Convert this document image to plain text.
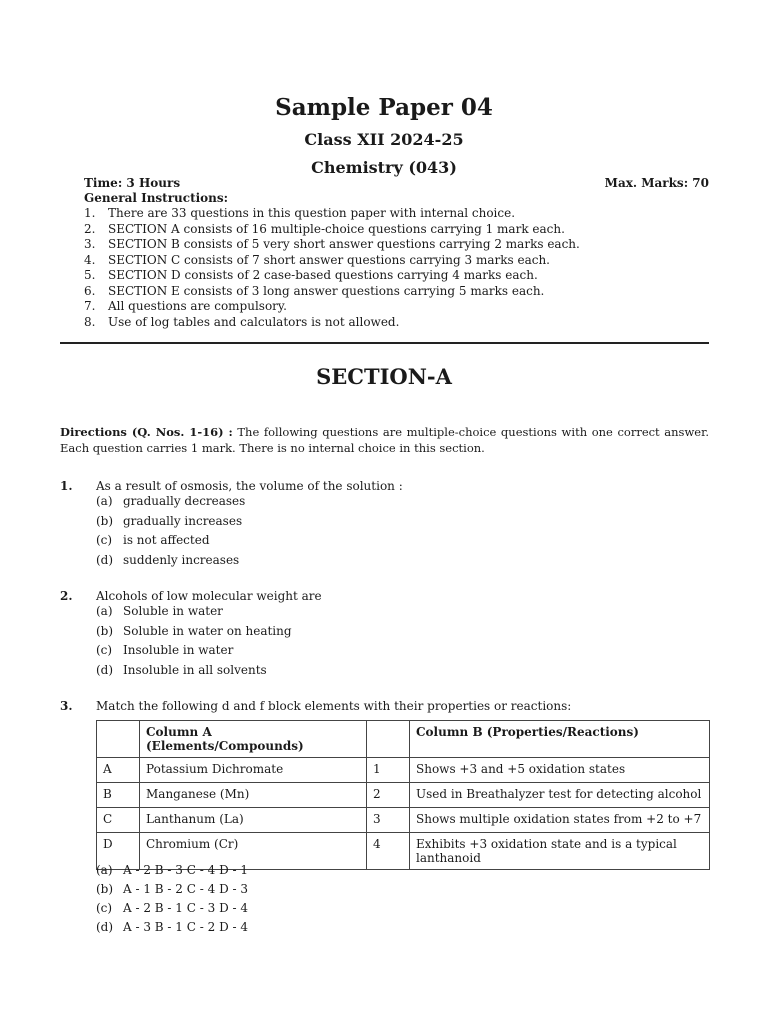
Sample Paper 04
Class XII 2024-25
Chemistry (043)
Time: 3 Hours	Max. Marks: 70
General Instructions:
1.	There are 33 questions in this question paper with internal choice.
2.	SECTION A consists of 16 multiple-choice questions carrying 1 mark each.
3.	SECTION B consists of 5 very short answer questions carrying 2 marks each.
4.	SECTION C consists of 7 short answer questions carrying 3 marks each.
5.	SECTION D consists of 2 case-based questions carrying 4 marks each.
6.	SECTION E consists of 3 long answer questions carrying 5 marks each.
7.	All questions are compulsory.
8.	Use of log tables and calculators is not allowed.
SECTION-A
Directions (Q. Nos. 1-16) : The following questions are multiple-choice questions with one correct answer. Each question carries 1 mark. There is no internal choice in this section.
1. As a result of osmosis, the volume of the solution :
(a) gradually decreases
(b) gradually increases
(c) is not affected
(d) suddenly increases
2. Alcohols of low molecular weight are
(a) Soluble in water
(b) Soluble in water on heating
(c) Insoluble in water
(d) Insoluble in all solvents
3. Match the following d and f block elements with their properties or reactions:
	Column A (Elements/Compounds)		Column B (Properties/Reactions)
A	Potassium Dichromate	1	Shows +3 and +5 oxidation states
B	Manganese (Mn)	2	Used in Breathalyzer test for detecting alcohol
C	Lanthanum (La)	3	Shows multiple oxidation states from +2 to +7
D	Chromium (Cr)	4	Exhibits +3 oxidation state and is a typical lanthanoid
(a) A - 2 B - 3 C - 4 D - 1
(b) A - 1 B - 2 C - 4 D - 3
(c) A - 2 B - 1 C - 3 D - 4
(d) A - 3 B - 1 C - 2 D - 4
